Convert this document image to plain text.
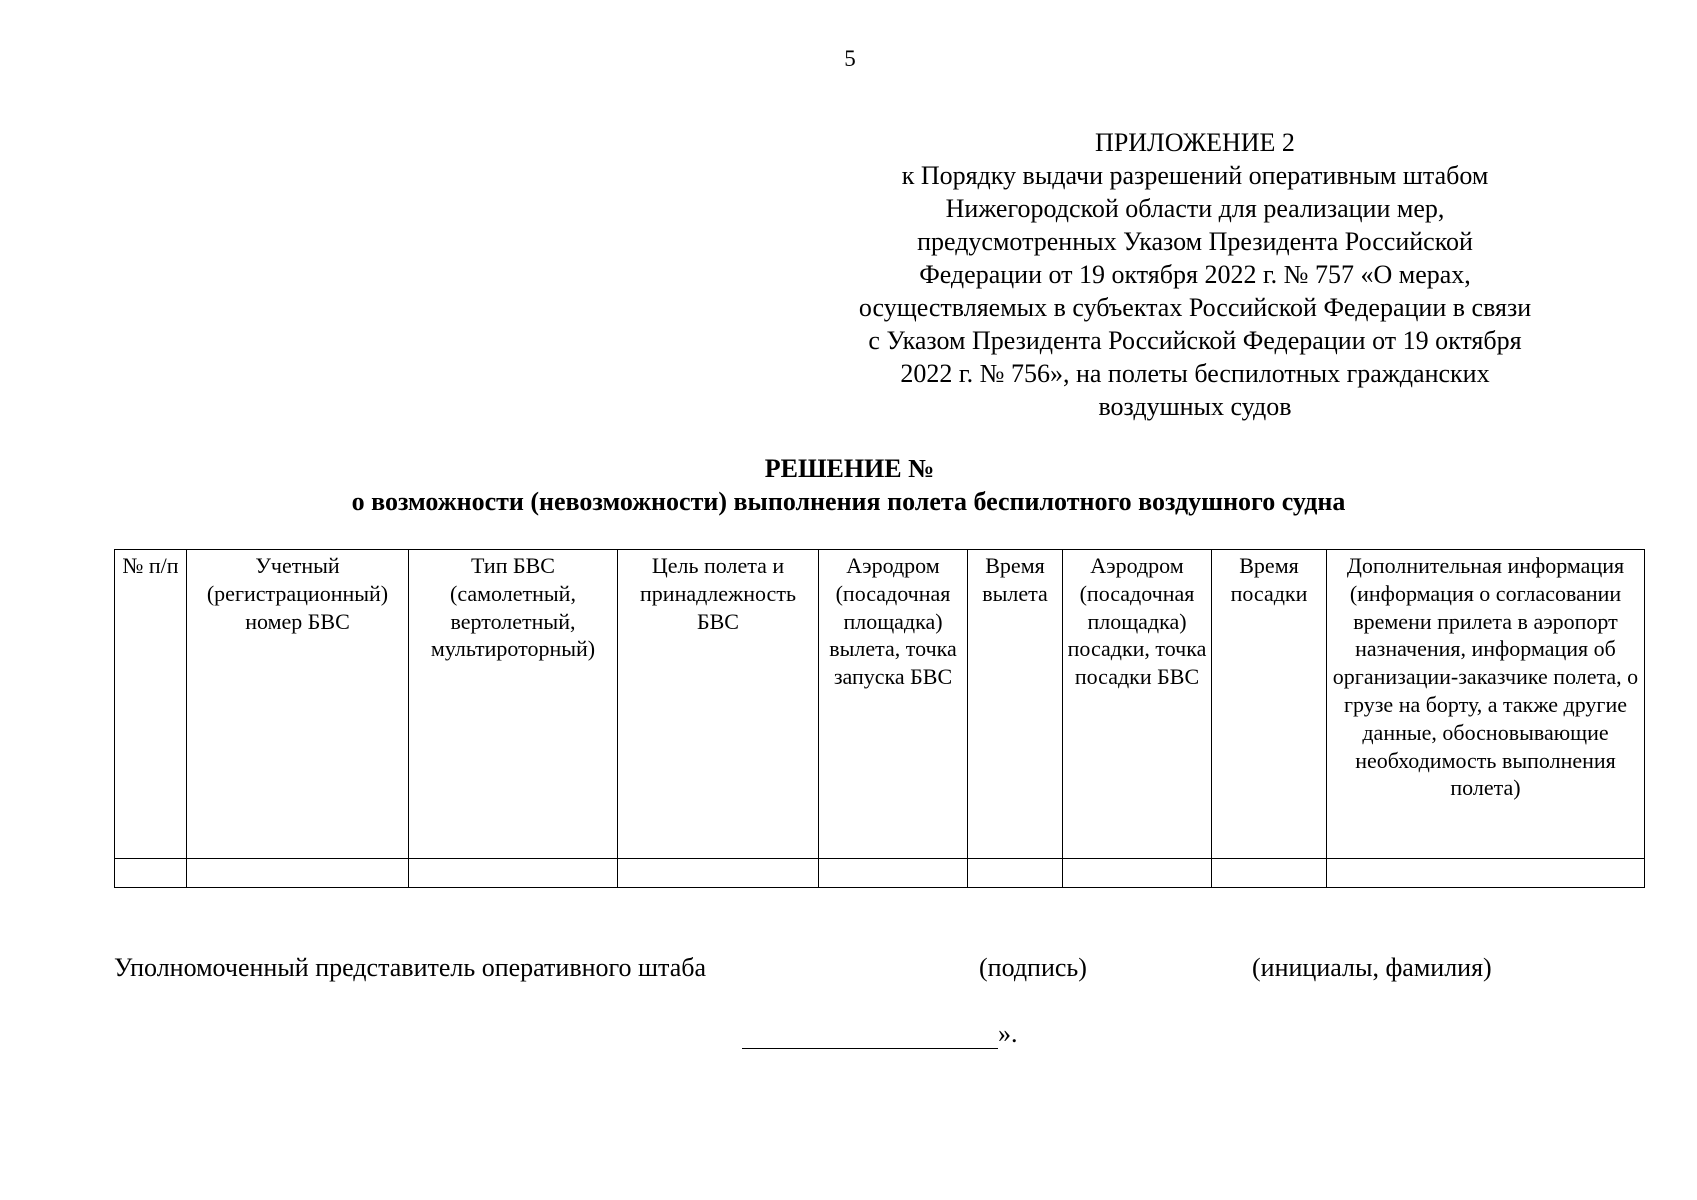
5
ПРИЛОЖЕНИЕ 2
к Порядку выдачи разрешений оперативным штабом
Нижегородской области для реализации мер,
предусмотренных Указом Президента Российской
Федерации от 19 октября 2022 г. № 757 «О мерах,
осуществляемых в субъектах Российской Федерации в связи
с Указом Президента Российской Федерации от 19 октября
2022 г. № 756», на полеты беспилотных гражданских
воздушных судов
РЕШЕНИЕ №
о возможности (невозможности) выполнения полета беспилотного воздушного судна
№ п/п	Учетный (регистрационный) номер БВС	Тип БВС (самолетный, вертолетный, мультироторный)	Цель полета и принадлежность БВС	Аэродром (посадочная площадка) вылета, точка запуска БВС	Время вылета	Аэродром (посадочная площадка) посадки, точка посадки БВС	Время посадки	Дополнительная информация (информация о согласовании времени прилета в аэропорт назначения, информация об организации-заказчике полета, о грузе на борту, а также другие данные, обосновывающие необходимость выполнения полета)

Уполномоченный представитель оперативного штаба	(подпись)	(инициалы, фамилия)
».
